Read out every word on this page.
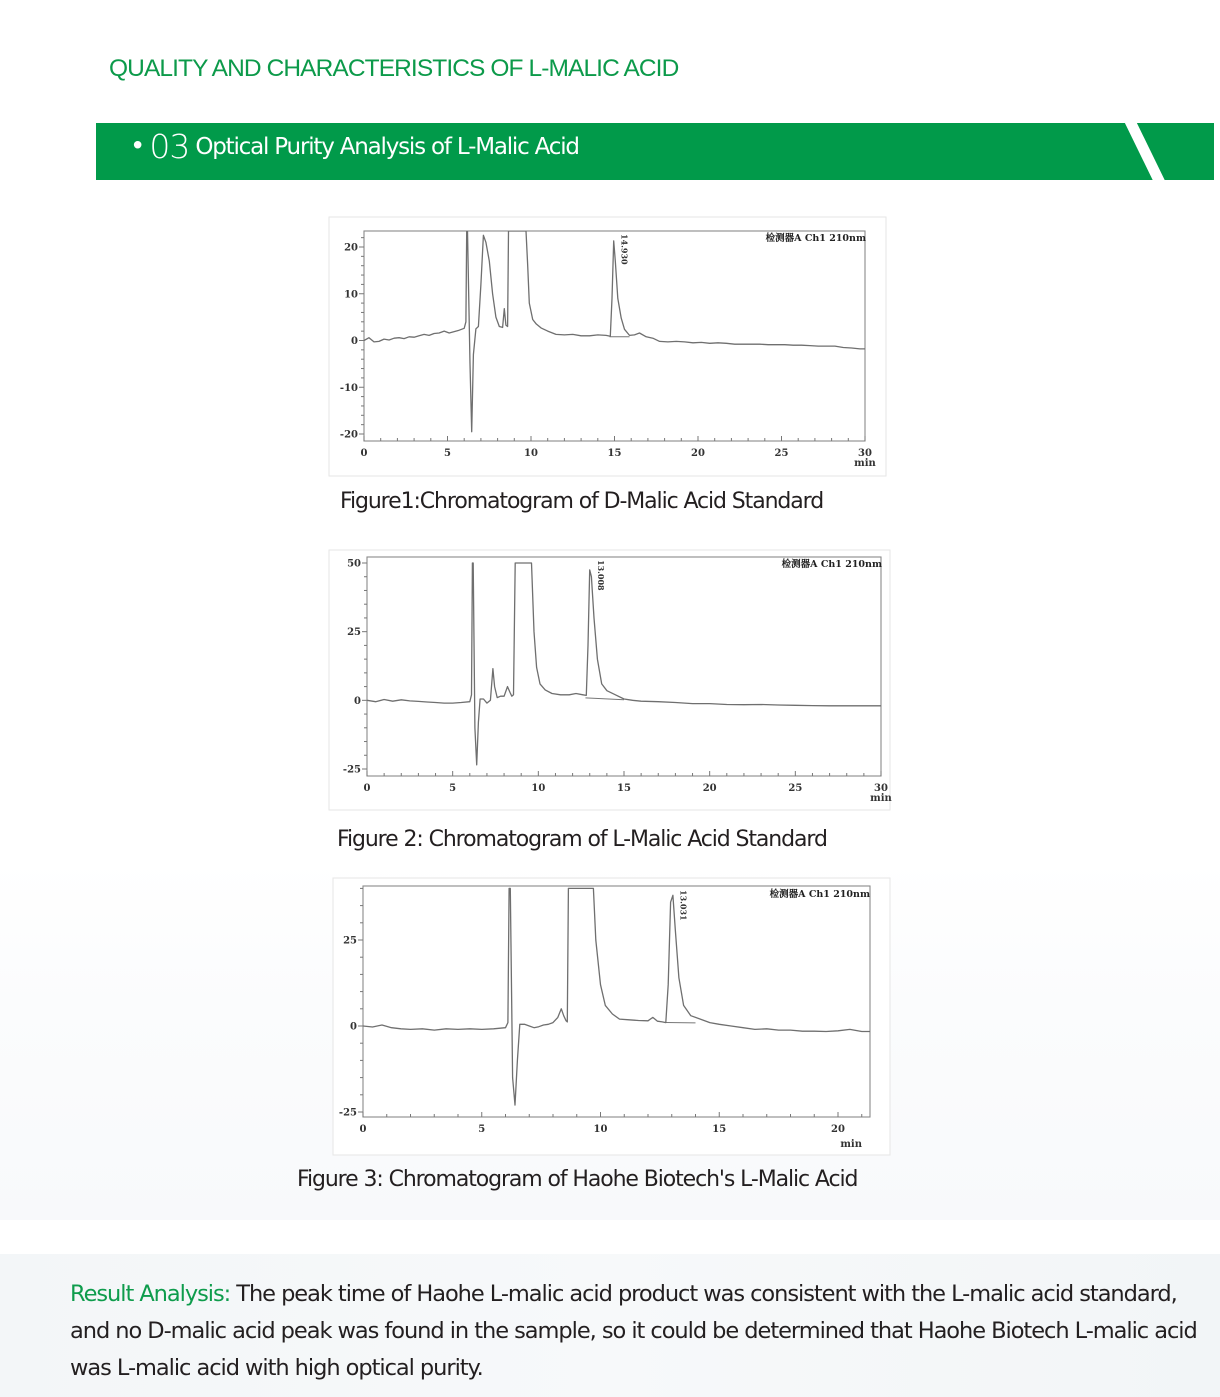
QUALITY AND CHARACTERISTICS OF L-MALIC ACID
• 03 Optical Purity Analysis of L-Malic Acid
0	5	10	15	20	25	30
min
20
10
0
-10
-20
检测器A Ch1 210nm
14.930
Figure1:Chromatogram of D-Malic Acid Standard
0	5	10	15	20	25	30
min
50
25
0
-25
检测器A Ch1 210nm
13.008
Figure 2: Chromatogram of L-Malic Acid Standard
0	5	10	15	20
min
25
0
-25
检测器A Ch1 210nm
13.031
Figure 3: Chromatogram of Haohe Biotech's L-Malic Acid
Result Analysis: The peak time of Haohe L-malic acid product was consistent with the L-malic acid standard, and no D-malic acid peak was found in the sample, so it could be determined that Haohe Biotech L-malic acid was L-malic acid with high optical purity.
